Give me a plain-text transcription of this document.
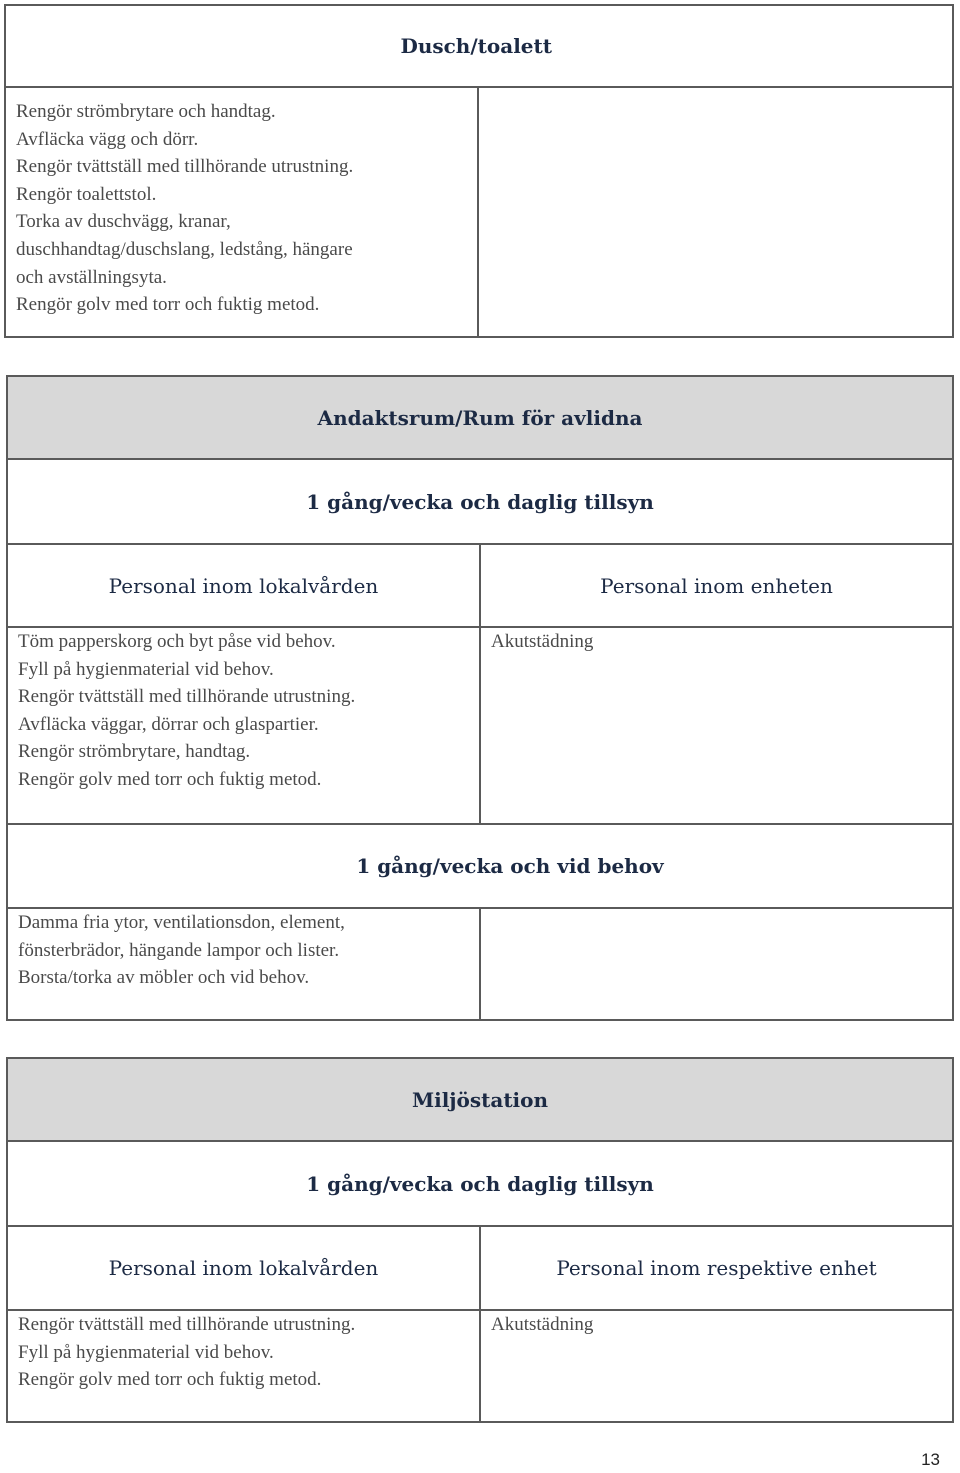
Dusch/toalett
Rengör strömbrytare och handtag.
Avfläcka vägg och dörr.
Rengör tvättställ med tillhörande utrustning.
Rengör toalettstol.
Torka av duschvägg, kranar,
duschhandtag/duschslang, ledstång, hängare
och avställningsyta.
Rengör golv med torr och fuktig metod.
Andaktsrum/Rum för avlidna
1 gång/vecka och daglig tillsyn
Personal inom lokalvården	Personal inom enheten
Töm papperskorg och byt påse vid behov.
Fyll på hygienmaterial vid behov.
Rengör tvättställ med tillhörande utrustning.
Avfläcka väggar, dörrar och glaspartier.
Rengör strömbrytare, handtag.
Rengör golv med torr och fuktig metod.
Akutstädning
1 gång/vecka och vid behov
Damma fria ytor, ventilationsdon, element,
fönsterbrädor, hängande lampor och lister.
Borsta/torka av möbler och vid behov.
Miljöstation
1 gång/vecka och daglig tillsyn
Personal inom lokalvården	Personal inom respektive enhet
Rengör tvättställ med tillhörande utrustning.
Fyll på hygienmaterial vid behov.
Rengör golv med torr och fuktig metod.
Akutstädning
13
